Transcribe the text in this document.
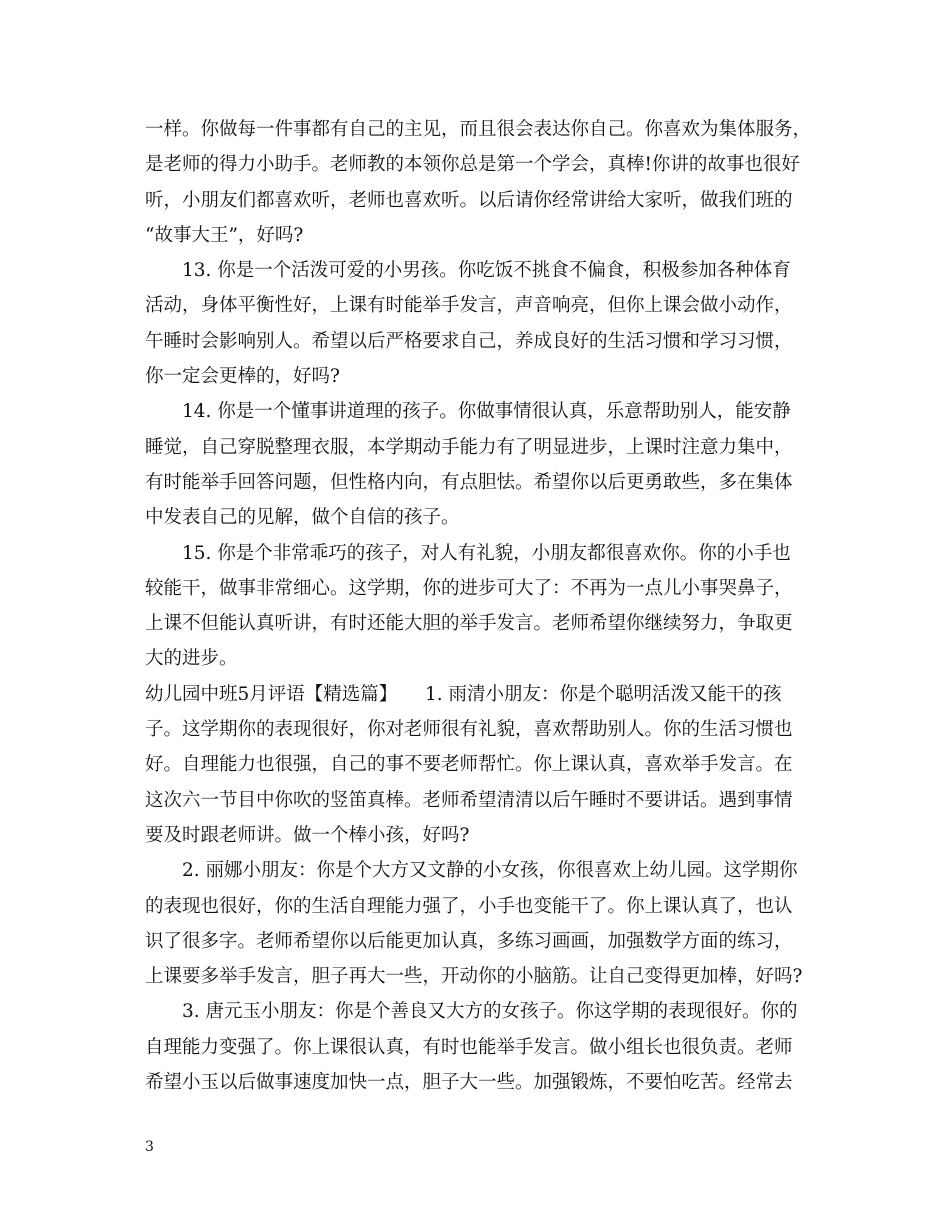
一样。你做每一件事都有自己的主见，而且很会表达你自己。你喜欢为集体服务，
是老师的得力小助手。老师教的本领你总是第一个学会，真棒!你讲的故事也很好
听，小朋友们都喜欢听，老师也喜欢听。以后请你经常讲给大家听，做我们班的
“故事大王”，好吗?
13. 你是一个活泼可爱的小男孩。你吃饭不挑食不偏食，积极参加各种体育
活动，身体平衡性好，上课有时能举手发言，声音响亮，但你上课会做小动作，
午睡时会影响别人。希望以后严格要求自己，养成良好的生活习惯和学习习惯，
你一定会更棒的，好吗?
14. 你是一个懂事讲道理的孩子。你做事情很认真，乐意帮助别人，能安静
睡觉，自己穿脱整理衣服，本学期动手能力有了明显进步，上课时注意力集中，
有时能举手回答问题，但性格内向，有点胆怯。希望你以后更勇敢些，多在集体
中发表自己的见解，做个自信的孩子。
15. 你是个非常乖巧的孩子，对人有礼貌，小朋友都很喜欢你。你的小手也
较能干，做事非常细心。这学期，你的进步可大了：不再为一点儿小事哭鼻子，
上课不但能认真听讲，有时还能大胆的举手发言。老师希望你继续努力，争取更
大的进步。
幼儿园中班5月评语【精选篇】　　1. 雨清小朋友：你是个聪明活泼又能干的孩
子。这学期你的表现很好，你对老师很有礼貌，喜欢帮助别人。你的生活习惯也
好。自理能力也很强，自己的事不要老师帮忙。你上课认真，喜欢举手发言。在
这次六一节目中你吹的竖笛真棒。老师希望清清以后午睡时不要讲话。遇到事情
要及时跟老师讲。做一个棒小孩，好吗?
2. 丽娜小朋友：你是个大方又文静的小女孩，你很喜欢上幼儿园。这学期你
的表现也很好，你的生活自理能力强了，小手也变能干了。你上课认真了，也认
识了很多字。老师希望你以后能更加认真，多练习画画，加强数学方面的练习，
上课要多举手发言，胆子再大一些，开动你的小脑筋。让自己变得更加棒，好吗?
3. 唐元玉小朋友：你是个善良又大方的女孩子。你这学期的表现很好。你的
自理能力变强了。你上课很认真，有时也能举手发言。做小组长也很负责。老师
希望小玉以后做事速度加快一点，胆子大一些。加强锻炼，不要怕吃苦。经常去
3
